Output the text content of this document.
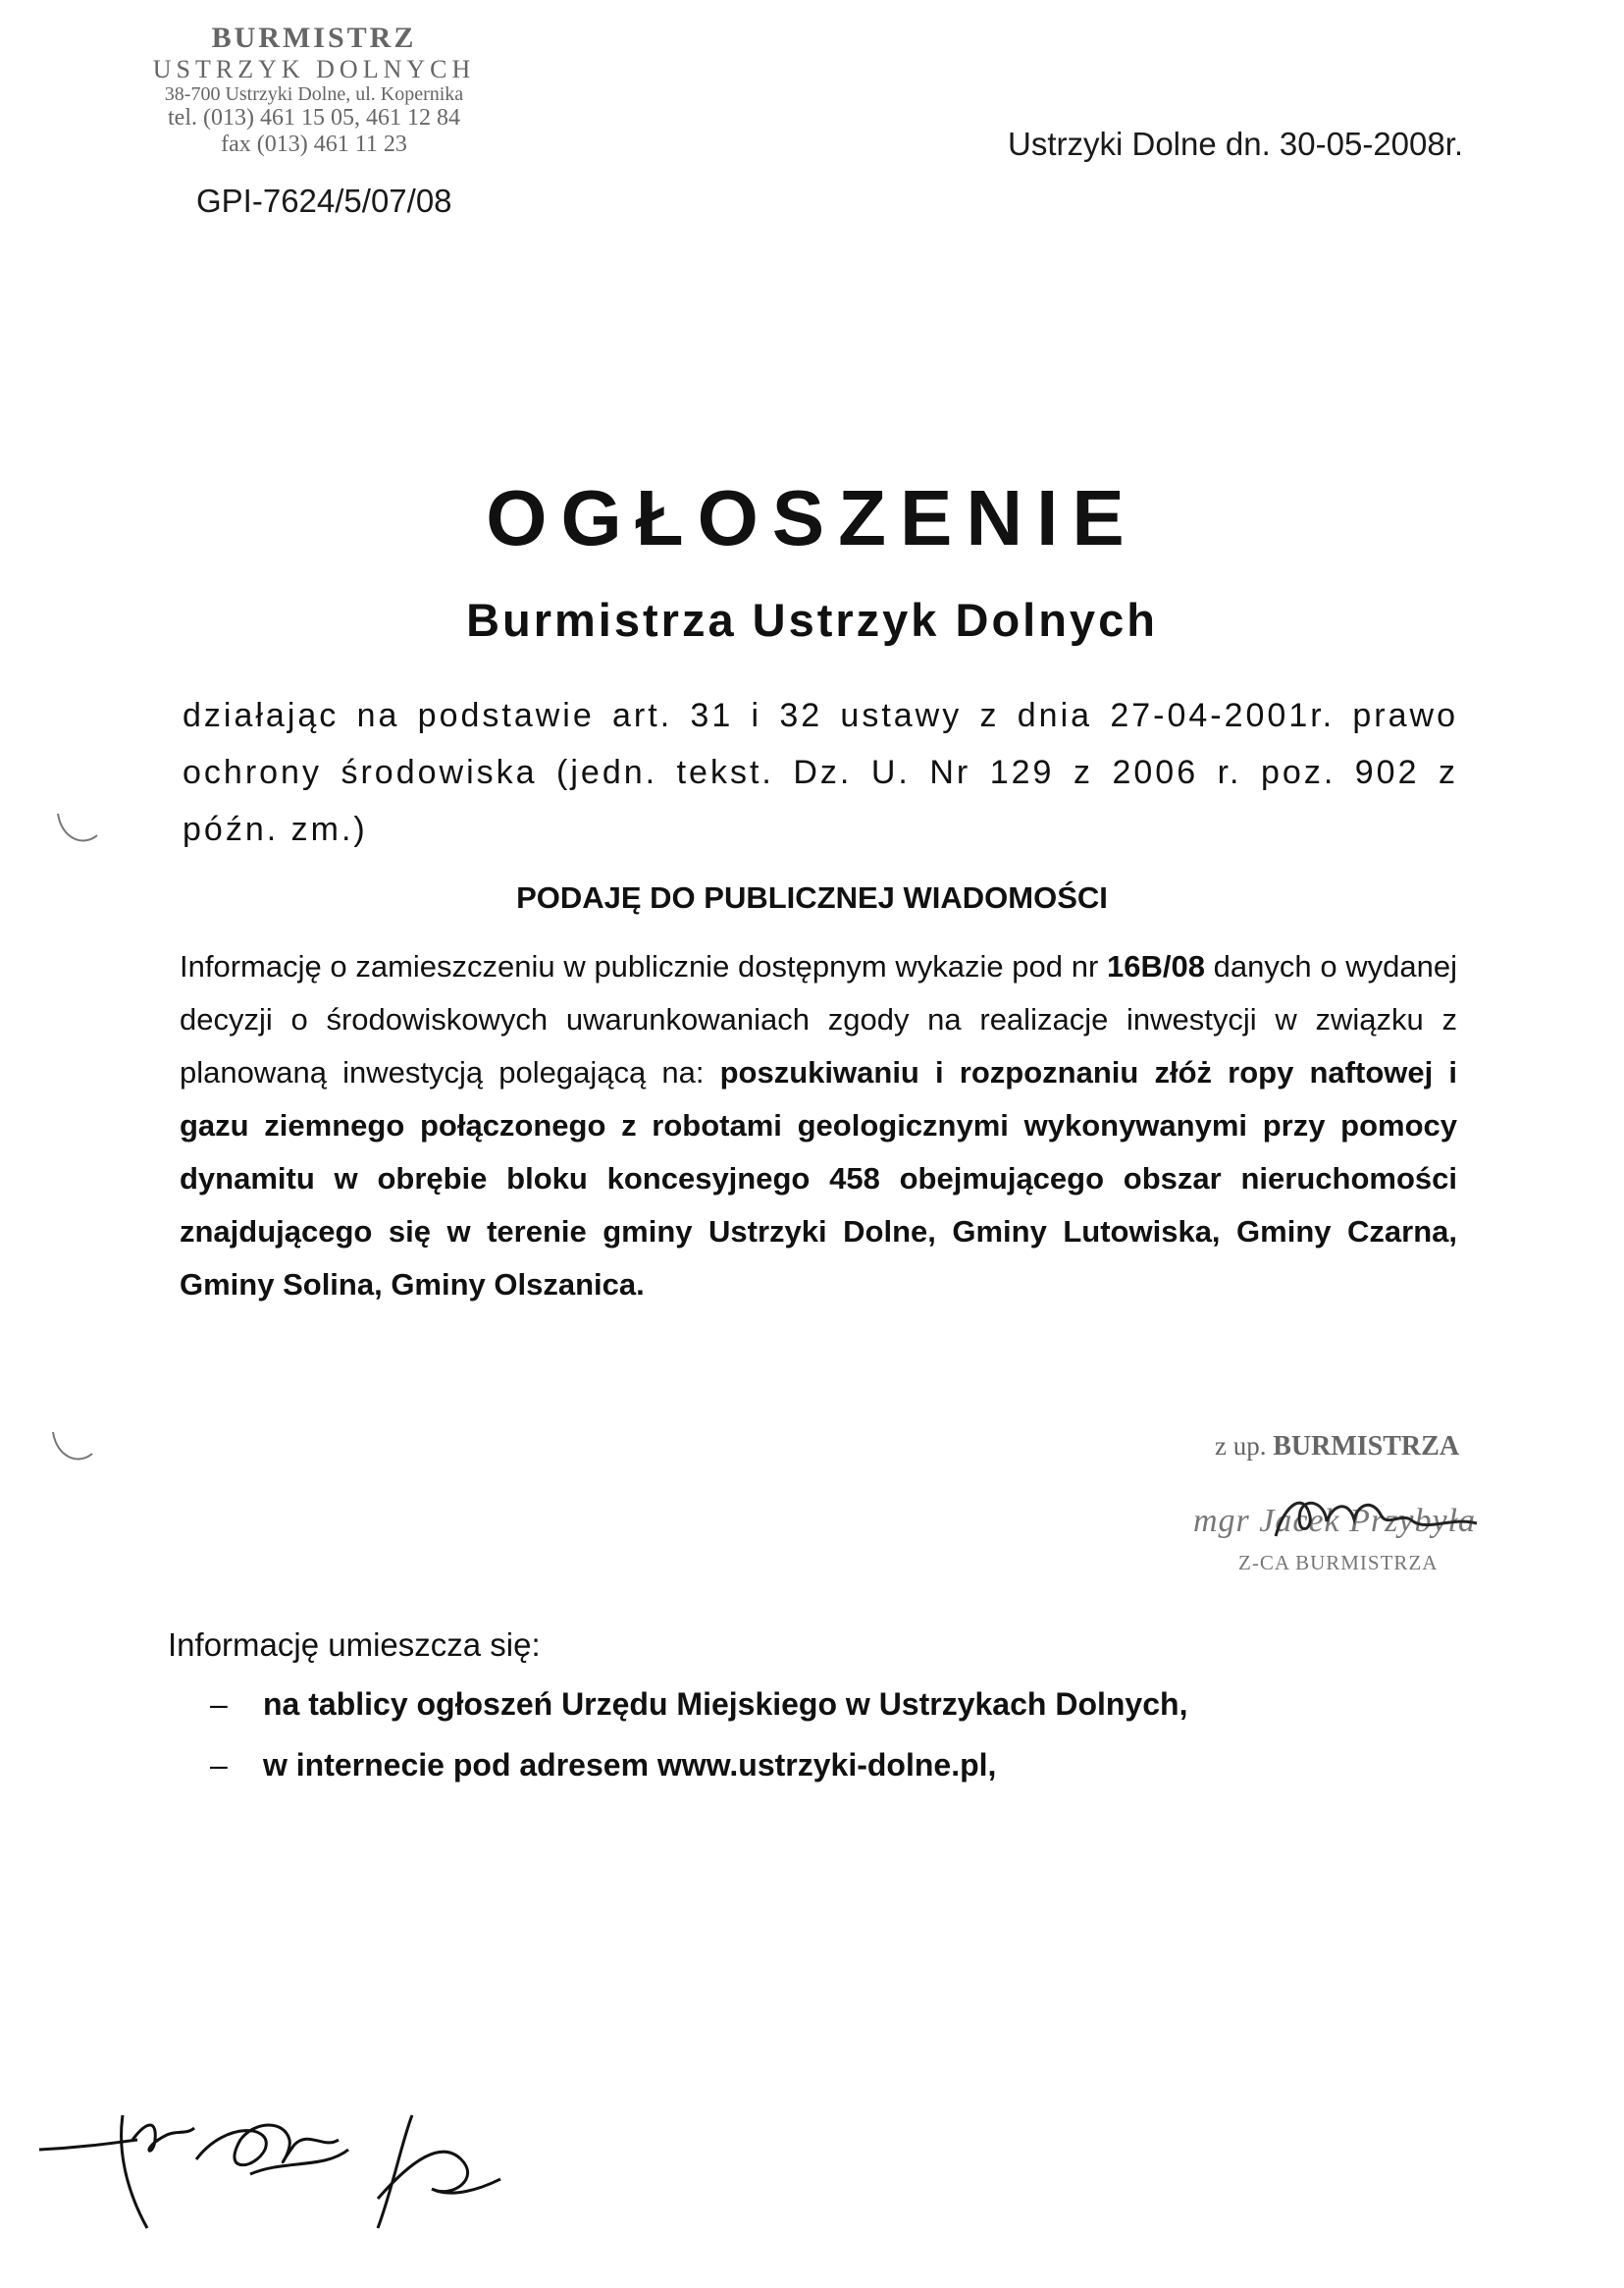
BURMISTRZ
USTRZYK DOLNYCH
38-700 Ustrzyki Dolne, ul. Kopernika
tel. (013) 461 15 05, 461 12 84
fax (013) 461 11 23
GPI-7624/5/07/08
Ustrzyki Dolne dn. 30-05-2008r.
OGŁOSZENIE
Burmistrza Ustrzyk Dolnych
działając na podstawie art. 31 i 32 ustawy z dnia 27-04-2001r. prawo ochrony środowiska (jedn. tekst. Dz. U. Nr 129 z 2006 r. poz. 902 z późn. zm.)
PODAJĘ DO PUBLICZNEJ WIADOMOŚCI
Informację o zamieszczeniu w publicznie dostępnym wykazie pod nr 16B/08 danych o wydanej decyzji o środowiskowych uwarunkowaniach zgody na realizacje inwestycji w związku z planowaną inwestycją polegającą na: poszukiwaniu i rozpoznaniu złóż ropy naftowej i gazu ziemnego połączonego z robotami geologicznymi wykonywanymi przy pomocy dynamitu w obrębie bloku koncesyjnego 458 obejmującego obszar nieruchomości znajdującego się w terenie gminy Ustrzyki Dolne, Gminy Lutowiska, Gminy Czarna, Gminy Solina, Gminy Olszanica.
z up. BURMISTRZA
mgr Jacek Przybyła
Z-CA BURMISTRZA
Informację umieszcza się:
– na tablicy ogłoszeń Urzędu Miejskiego w Ustrzykach Dolnych,
– w internecie pod adresem www.ustrzyki-dolne.pl,
